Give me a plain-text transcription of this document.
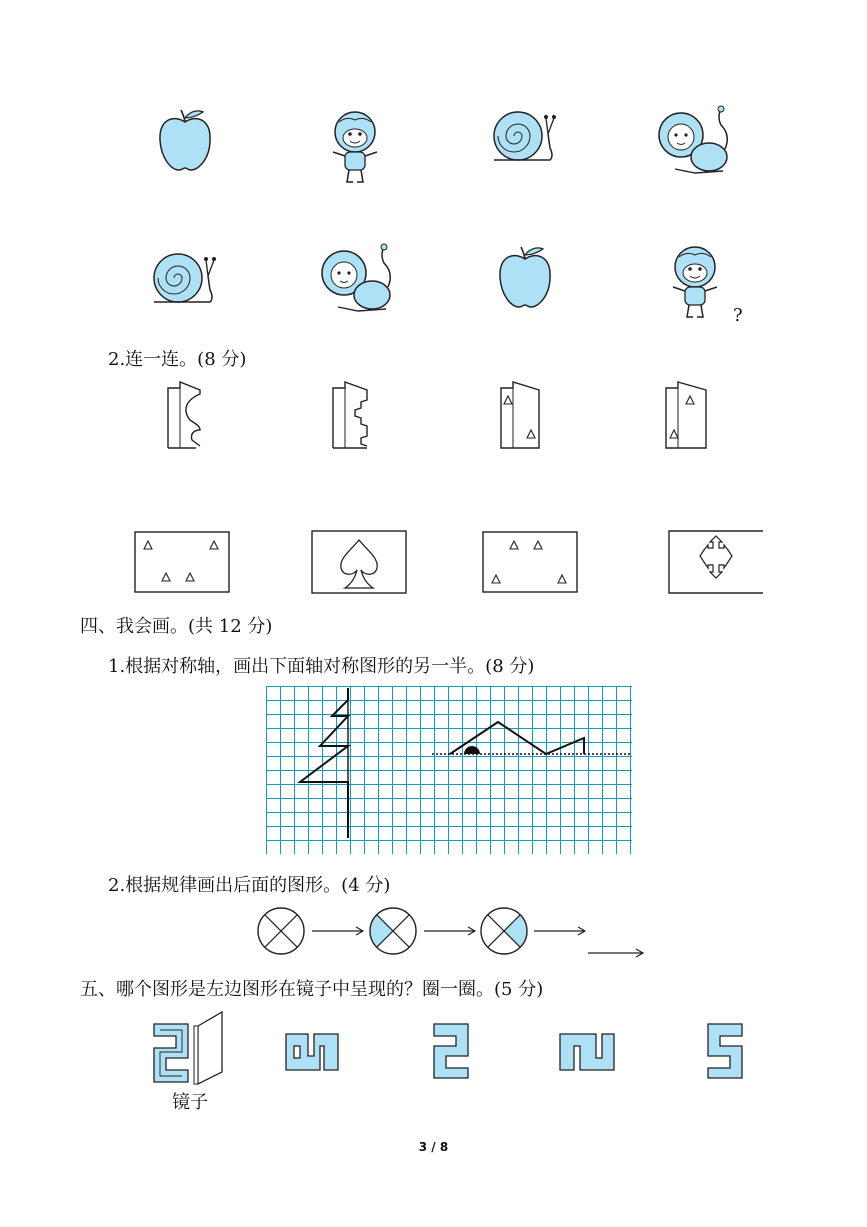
?
2.连一连。(8 分)
四、我会画。(共 12 分)
1.根据对称轴，画出下面轴对称图形的另一半。(8 分)
2.根据规律画出后面的图形。(4 分)
五、哪个图形是左边图形在镜子中呈现的？圈一圈。(5 分)
镜子
3 / 8
